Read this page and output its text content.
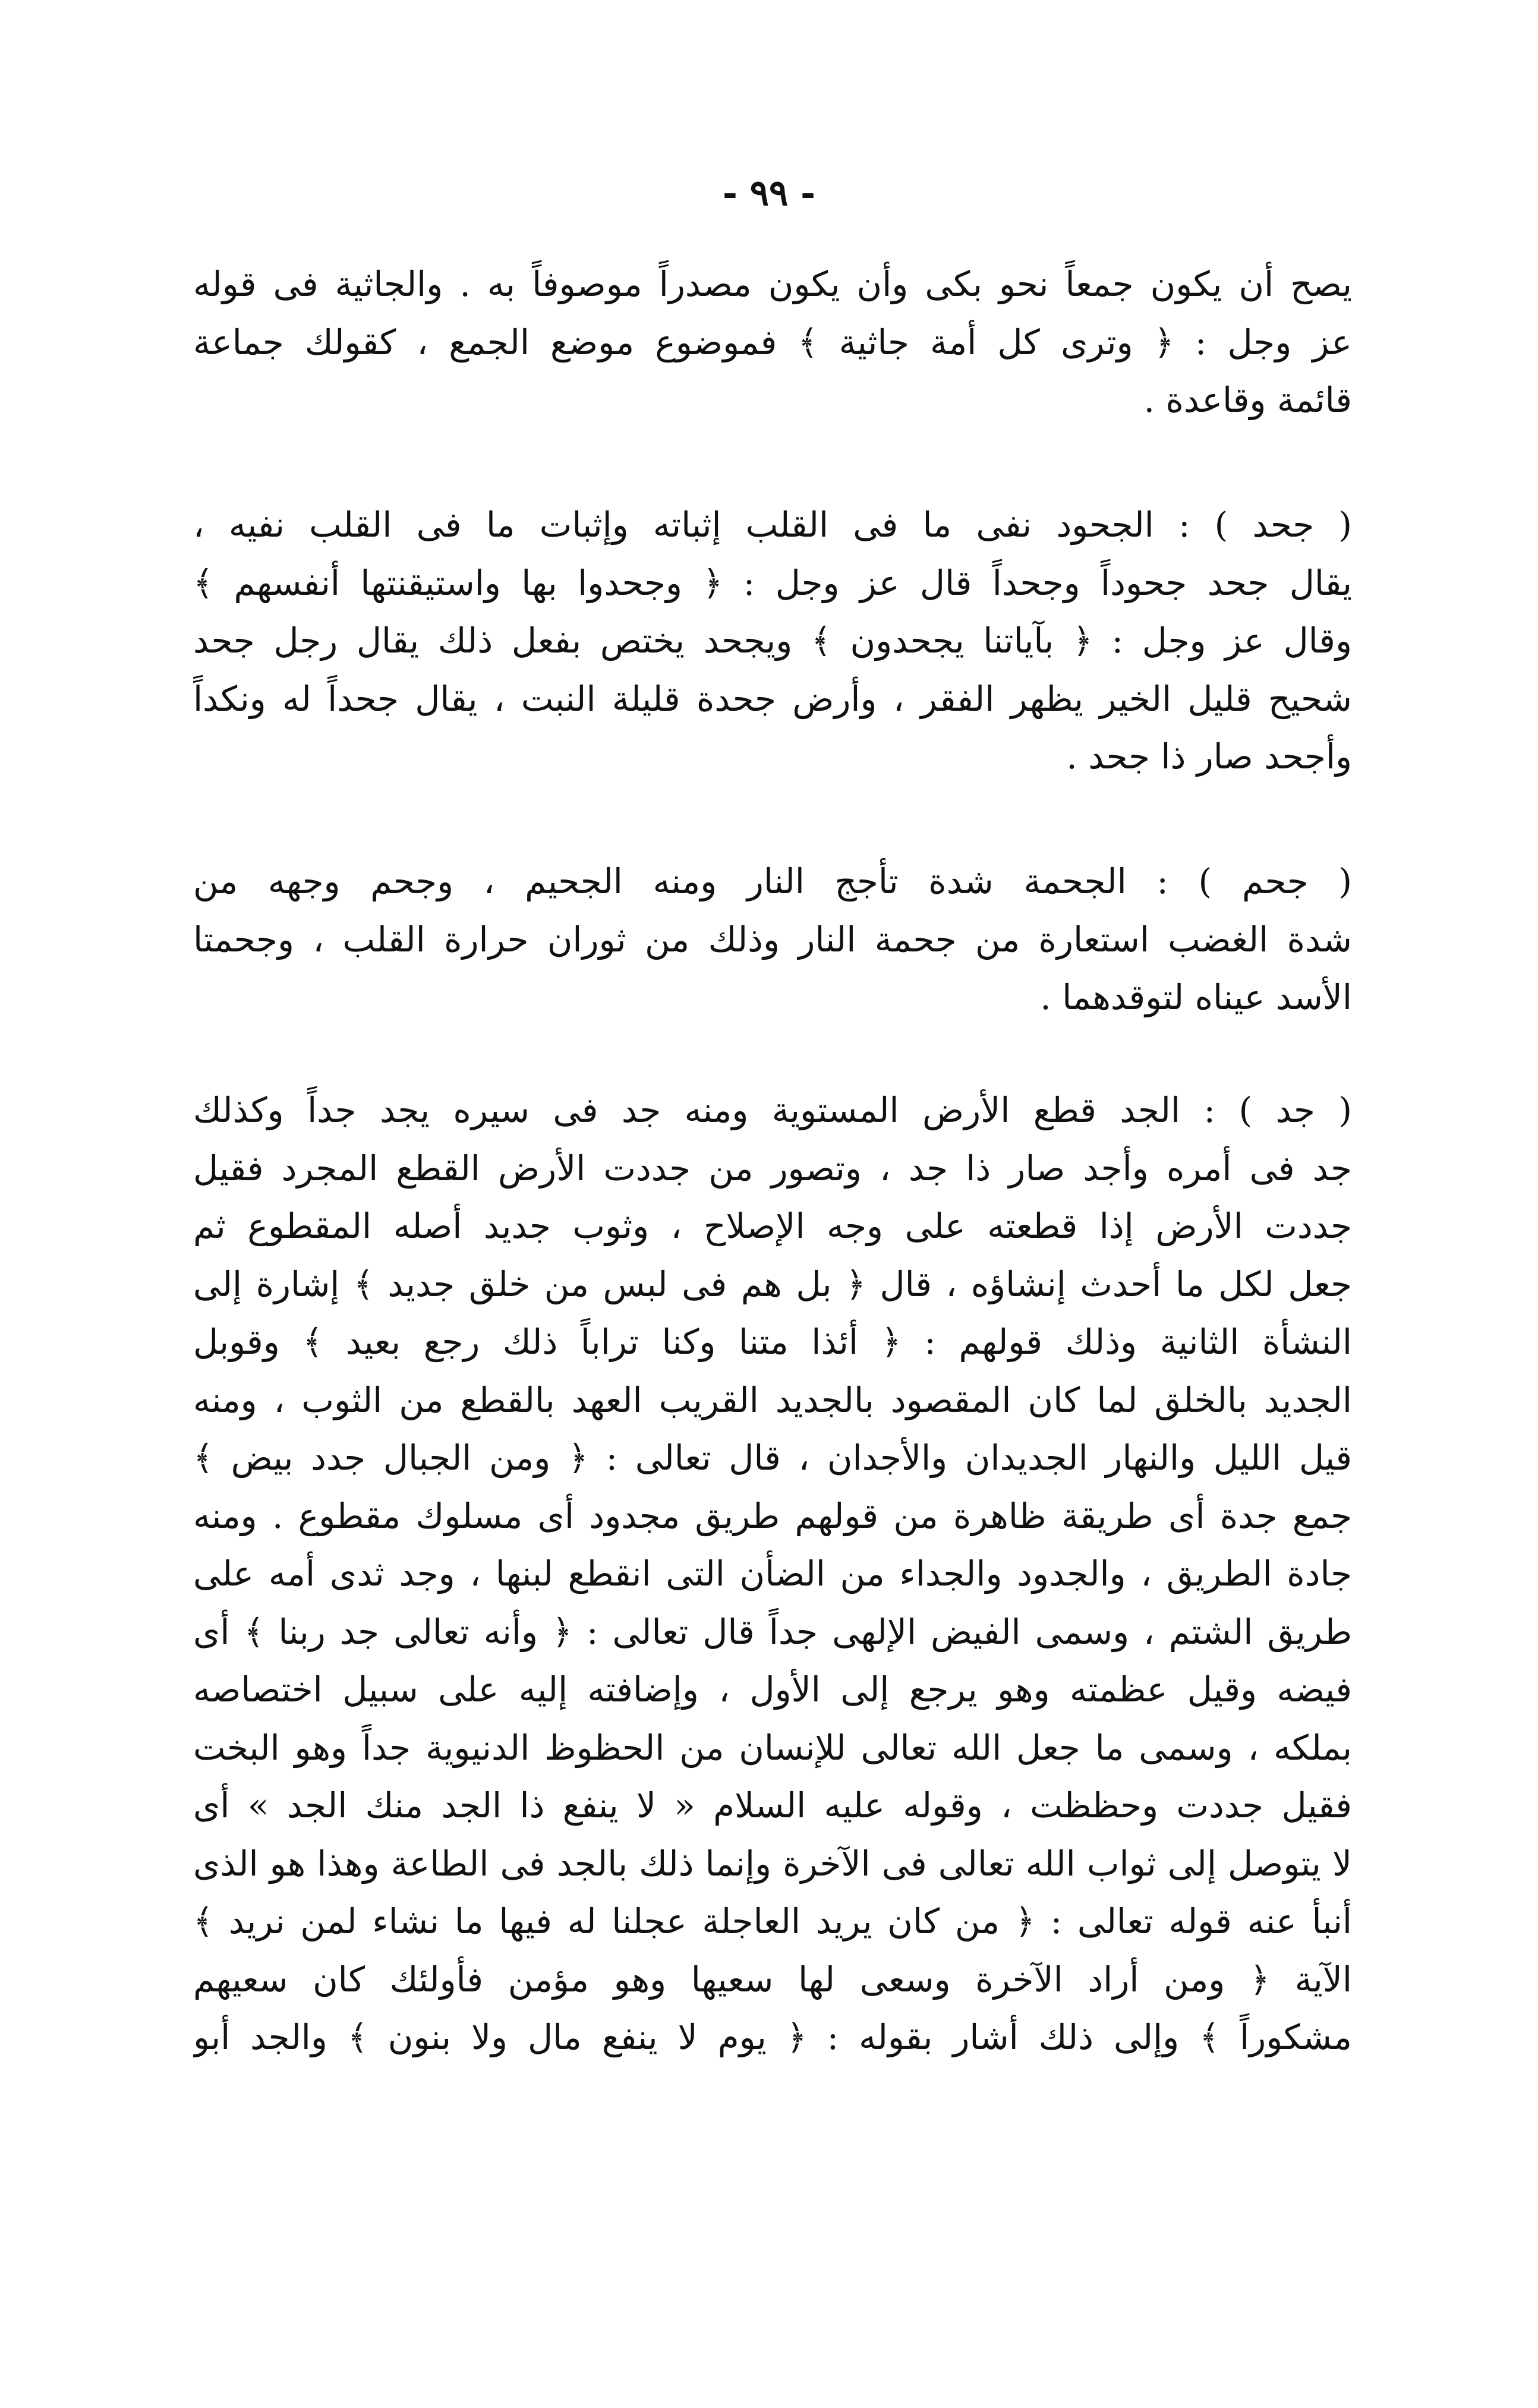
- ٩٩ -
يصح أن يكون جمعاً نحو بكى وأن يكون مصدراً موصوفاً به . والجاثية فى قوله
عز وجل : ﴿ وترى كل أمة جاثية ﴾ فموضوع موضع الجمع ، كقولك جماعة
قائمة وقاعدة .
( جحد ) : الجحود نفى ما فى القلب إثباته وإثبات ما فى القلب نفيه ،
يقال جحد جحوداً وجحداً قال عز وجل : ﴿ وجحدوا بها واستيقنتها أنفسهم ﴾
وقال عز وجل : ﴿ بآياتنا يجحدون ﴾ ويجحد يختص بفعل ذلك يقال رجل جحد
شحيح قليل الخير يظهر الفقر ، وأرض جحدة قليلة النبت ، يقال جحداً له ونكداً
وأجحد صار ذا جحد .
( جحم ) : الجحمة شدة تأجج النار ومنه الجحيم ، وجحم وجهه من
شدة الغضب استعارة من جحمة النار وذلك من ثوران حرارة القلب ، وجحمتا
الأسد عيناه لتوقدهما .
( جد ) : الجد قطع الأرض المستوية ومنه جد فى سيره يجد جداً وكذلك
جد فى أمره وأجد صار ذا جد ، وتصور من جددت الأرض القطع المجرد فقيل
جددت الأرض إذا قطعته على وجه الإصلاح ، وثوب جديد أصله المقطوع ثم
جعل لكل ما أحدث إنشاؤه ، قال ﴿ بل هم فى لبس من خلق جديد ﴾ إشارة إلى
النشأة الثانية وذلك قولهم : ﴿ أئذا متنا وكنا تراباً ذلك رجع بعيد ﴾ وقوبل
الجديد بالخلق لما كان المقصود بالجديد القريب العهد بالقطع من الثوب ، ومنه
قيل الليل والنهار الجديدان والأجدان ، قال تعالى : ﴿ ومن الجبال جدد بيض ﴾
جمع جدة أى طريقة ظاهرة من قولهم طريق مجدود أى مسلوك مقطوع . ومنه
جادة الطريق ، والجدود والجداء من الضأن التى انقطع لبنها ، وجد ثدى أمه على
طريق الشتم ، وسمى الفيض الإلهى جداً قال تعالى : ﴿ وأنه تعالى جد ربنا ﴾ أى
فيضه وقيل عظمته وهو يرجع إلى الأول ، وإضافته إليه على سبيل اختصاصه
بملكه ، وسمى ما جعل الله تعالى للإنسان من الحظوظ الدنيوية جداً وهو البخت
فقيل جددت وحظظت ، وقوله عليه السلام « لا ينفع ذا الجد منك الجد » أى
لا يتوصل إلى ثواب الله تعالى فى الآخرة وإنما ذلك بالجد فى الطاعة وهذا هو الذى
أنبأ عنه قوله تعالى : ﴿ من كان يريد العاجلة عجلنا له فيها ما نشاء لمن نريد ﴾
الآية ﴿ ومن أراد الآخرة وسعى لها سعيها وهو مؤمن فأولئك كان سعيهم
مشكوراً ﴾ وإلى ذلك أشار بقوله : ﴿ يوم لا ينفع مال ولا بنون ﴾ والجد أبو
